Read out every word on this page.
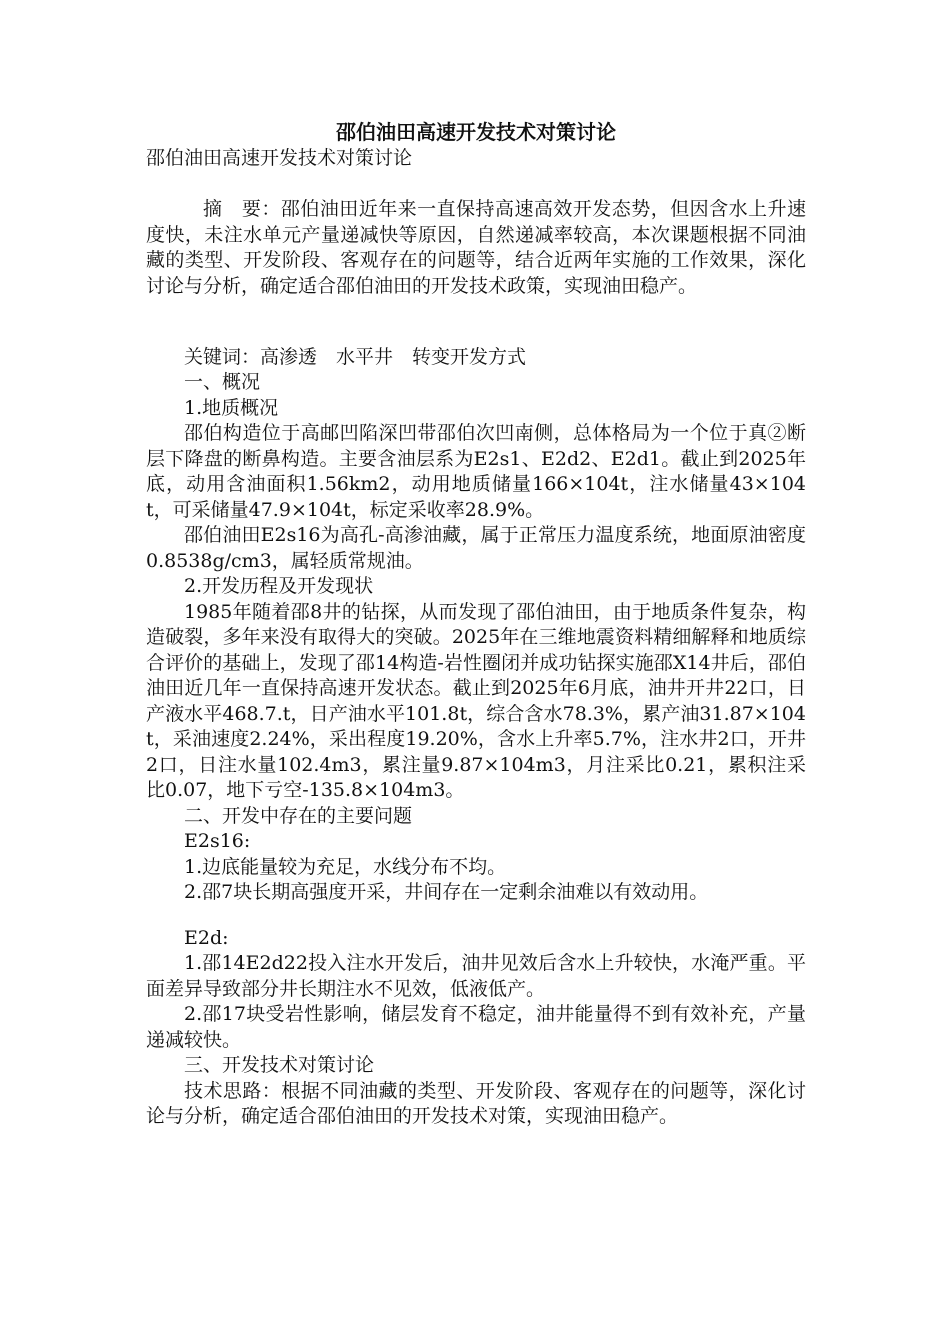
邵伯油田高速开发技术对策讨论

邵伯油田高速开发技术对策讨论

摘　要：邵伯油田近年来一直保持高速高效开发态势，但因含水上升速度快，未注水单元产量递减快等原因，自然递减率较高，本次课题根据不同油藏的类型、开发阶段、客观存在的问题等，结合近两年实施的工作效果，深化讨论与分析，确定适合邵伯油田的开发技术政策，实现油田稳产。

关键词：高渗透　水平井　转变开发方式

一、概况

1.地质概况

邵伯构造位于高邮凹陷深凹带邵伯次凹南侧，总体格局为一个位于真②断层下降盘的断鼻构造。主要含油层系为E2s1、E2d2、E2d1。截止到2025年底，动用含油面积1.56km2，动用地质储量166×104t，注水储量43×104t，可采储量47.9×104t，标定采收率28.9%。

邵伯油田E2s16为高孔-高渗油藏，属于正常压力温度系统，地面原油密度0.8538g/cm3，属轻质常规油。

2.开发历程及开发现状

1985年随着邵8井的钻探，从而发现了邵伯油田，由于地质条件复杂，构造破裂，多年来没有取得大的突破。2025年在三维地震资料精细解释和地质综合评价的基础上，发现了邵14构造-岩性圈闭并成功钻探实施邵X14井后，邵伯油田近几年一直保持高速开发状态。截止到2025年6月底，油井开井22口，日产液水平468.7.t，日产油水平101.8t，综合含水78.3%，累产油31.87×104t，采油速度2.24%，采出程度19.20%，含水上升率5.7%，注水井2口，开井2口，日注水量102.4m3，累注量9.87×104m3，月注采比0.21，累积注采比0.07，地下亏空-135.8×104m3。

二、开发中存在的主要问题

E2s16:

1.边底能量较为充足，水线分布不均。

2.邵7块长期高强度开采，井间存在一定剩余油难以有效动用。

E2d:

1.邵14E2d22投入注水开发后，油井见效后含水上升较快，水淹严重。平面差异导致部分井长期注水不见效，低液低产。

2.邵17块受岩性影响，储层发育不稳定，油井能量得不到有效补充，产量递减较快。

三、开发技术对策讨论

技术思路：根据不同油藏的类型、开发阶段、客观存在的问题等，深化讨论与分析，确定适合邵伯油田的开发技术对策，实现油田稳产。
